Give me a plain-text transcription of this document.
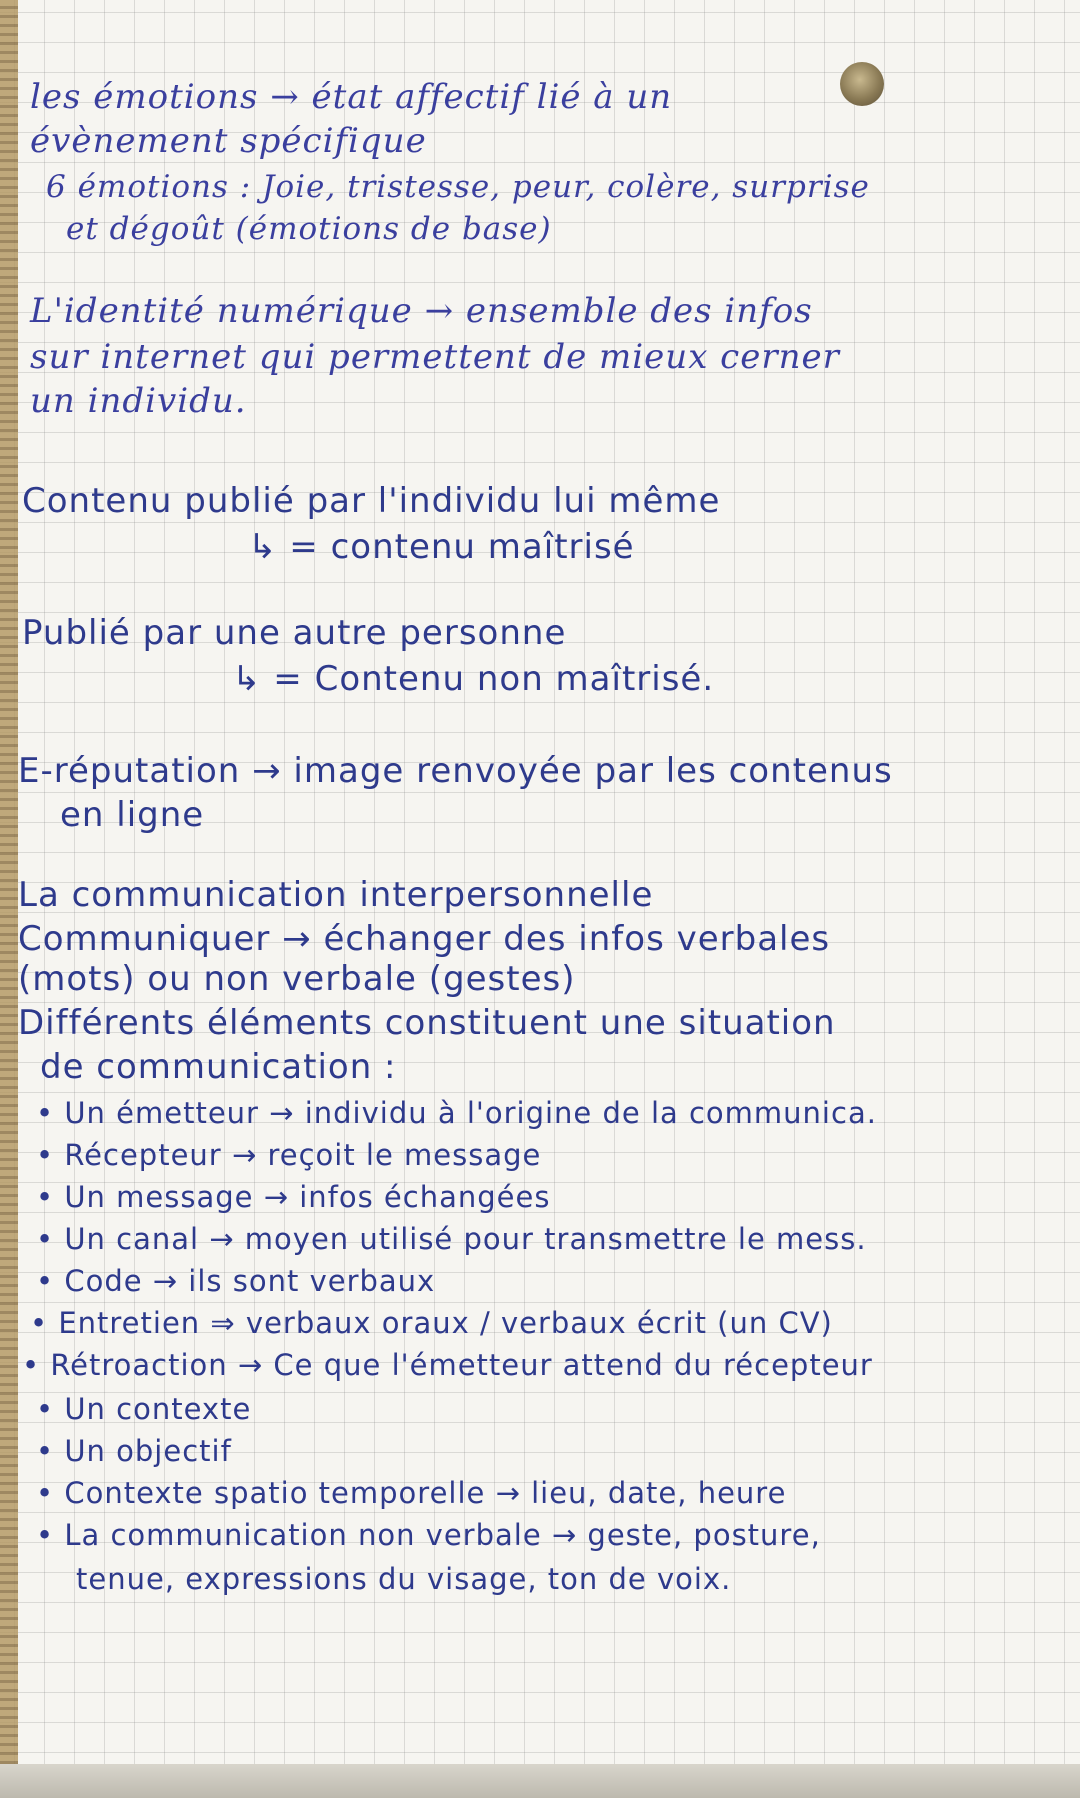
les émotions → état affectif lié à un
évènement spécifique
6 émotions : Joie, tristesse, peur, colère, surprise
et dégoût (émotions de base)
L'identité numérique → ensemble des infos
sur internet qui permettent de mieux cerner
un individu.
Contenu publié par l'individu lui même
↳ = contenu maîtrisé
Publié par une autre personne
↳ = Contenu non maîtrisé.
E-réputation → image renvoyée par les contenus
en ligne
La communication interpersonnelle
Communiquer → échanger des infos verbales
(mots) ou non verbale (gestes)
Différents éléments constituent une situation
de communication :
• Un émetteur → individu à l'origine de la communica.
• Récepteur → reçoit le message
• Un message → infos échangées
• Un canal → moyen utilisé pour transmettre le mess.
• Code → ils sont verbaux
• Entretien ⇒ verbaux oraux / verbaux écrit (un CV)
• Rétroaction → Ce que l'émetteur attend du récepteur
• Un contexte
• Un objectif
• Contexte spatio temporelle → lieu, date, heure
• La communication non verbale → geste, posture,
tenue, expressions du visage, ton de voix.
